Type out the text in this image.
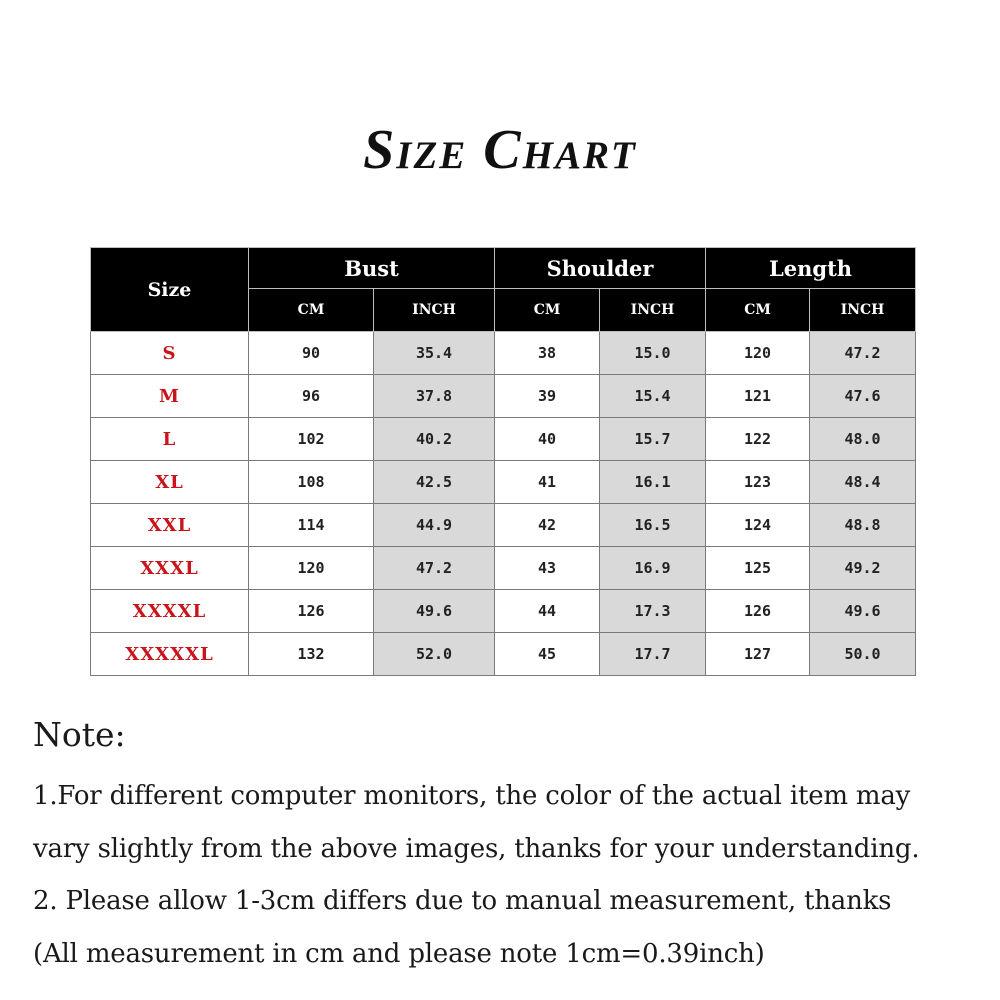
Size Chart
Size	Bust		Shoulder		Length	
	CM	INCH	CM	INCH	CM	INCH
S	90	35.4	38	15.0	120	47.2
M	96	37.8	39	15.4	121	47.6
L	102	40.2	40	15.7	122	48.0
XL	108	42.5	41	16.1	123	48.4
XXL	114	44.9	42	16.5	124	48.8
XXXL	120	47.2	43	16.9	125	49.2
XXXXL	126	49.6	44	17.3	126	49.6
XXXXXL	132	52.0	45	17.7	127	50.0
Note:
1.For different computer monitors, the color of the actual item may
vary slightly from the above images, thanks for your understanding.
2. Please allow 1-3cm differs due to manual measurement, thanks
(All measurement in cm and please note 1cm=0.39inch)
